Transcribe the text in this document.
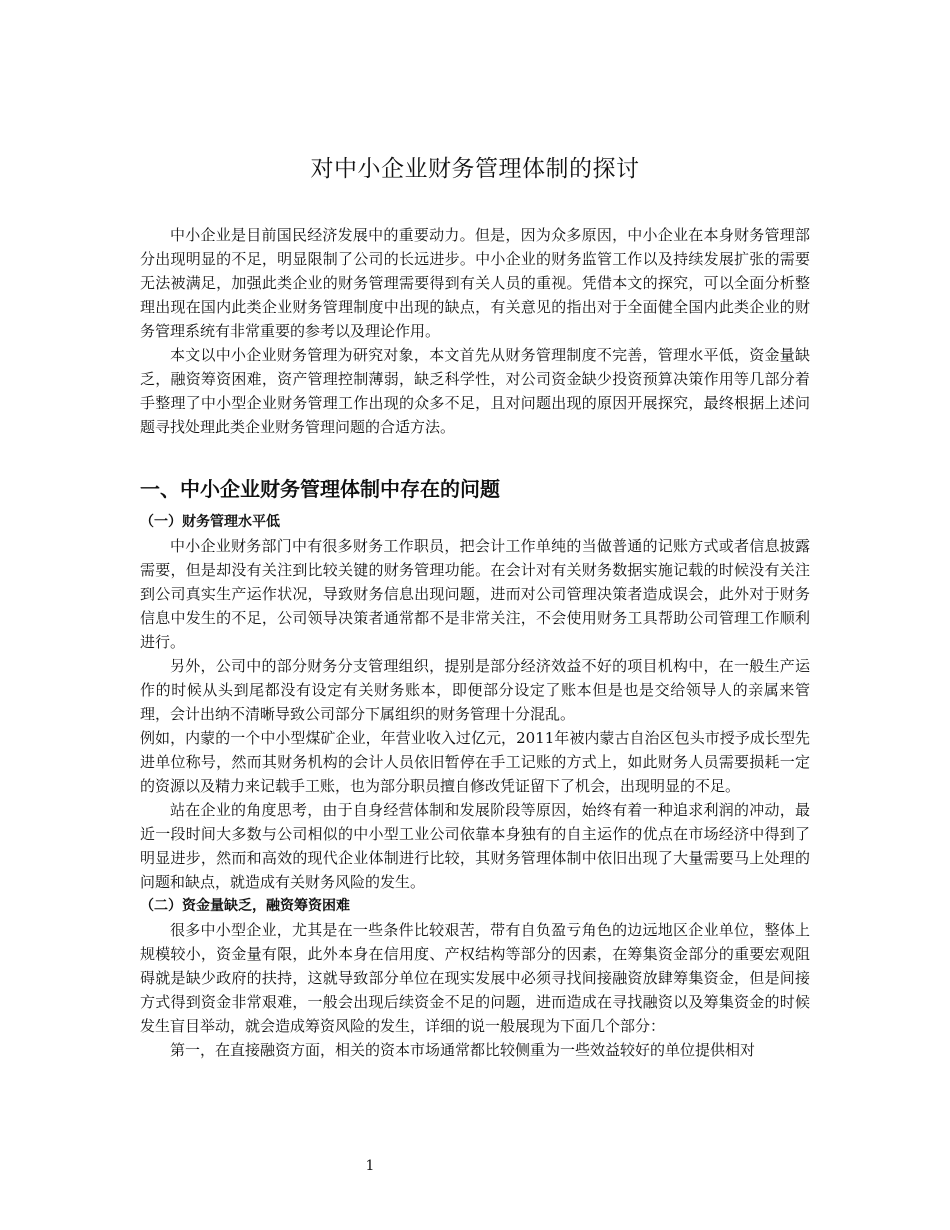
对中小企业财务管理体制的探讨

中小企业是目前国民经济发展中的重要动力。但是，因为众多原因，中小企业在本身财务管理部分出现明显的不足，明显限制了公司的长远进步。中小企业的财务监管工作以及持续发展扩张的需要无法被满足，加强此类企业的财务管理需要得到有关人员的重视。凭借本文的探究，可以全面分析整理出现在国内此类企业财务管理制度中出现的缺点，有关意见的指出对于全面健全国内此类企业的财务管理系统有非常重要的参考以及理论作用。

本文以中小企业财务管理为研究对象，本文首先从财务管理制度不完善，管理水平低，资金量缺乏，融资筹资困难，资产管理控制薄弱，缺乏科学性，对公司资金缺少投资预算决策作用等几部分着手整理了中小型企业财务管理工作出现的众多不足，且对问题出现的原因开展探究，最终根据上述问题寻找处理此类企业财务管理问题的合适方法。

一、中小企业财务管理体制中存在的问题
（一）财务管理水平低

中小企业财务部门中有很多财务工作职员，把会计工作单纯的当做普通的记账方式或者信息披露需要，但是却没有关注到比较关键的财务管理功能。在会计对有关财务数据实施记载的时候没有关注到公司真实生产运作状况，导致财务信息出现问题，进而对公司管理决策者造成误会，此外对于财务信息中发生的不足，公司领导决策者通常都不是非常关注，不会使用财务工具帮助公司管理工作顺利进行。

另外，公司中的部分财务分支管理组织，提别是部分经济效益不好的项目机构中，在一般生产运作的时候从头到尾都没有设定有关财务账本，即便部分设定了账本但是也是交给领导人的亲属来管理，会计出纳不清晰导致公司部分下属组织的财务管理十分混乱。

例如，内蒙的一个中小型煤矿企业，年营业收入过亿元，2011年被内蒙古自治区包头市授予成长型先进单位称号，然而其财务机构的会计人员依旧暂停在手工记账的方式上，如此财务人员需要损耗一定的资源以及精力来记载手工账，也为部分职员擅自修改凭证留下了机会，出现明显的不足。

站在企业的角度思考，由于自身经营体制和发展阶段等原因，始终有着一种追求利润的冲动，最近一段时间大多数与公司相似的中小型工业公司依靠本身独有的自主运作的优点在市场经济中得到了明显进步，然而和高效的现代企业体制进行比较，其财务管理体制中依旧出现了大量需要马上处理的问题和缺点，就造成有关财务风险的发生。

（二）资金量缺乏，融资筹资困难

很多中小型企业，尤其是在一些条件比较艰苦，带有自负盈亏角色的边远地区企业单位，整体上规模较小，资金量有限，此外本身在信用度、产权结构等部分的因素，在筹集资金部分的重要宏观阻碍就是缺少政府的扶持，这就导致部分单位在现实发展中必须寻找间接融资放肆筹集资金，但是间接方式得到资金非常艰难，一般会出现后续资金不足的问题，进而造成在寻找融资以及筹集资金的时候发生盲目举动，就会造成筹资风险的发生，详细的说一般展现为下面几个部分：

第一，在直接融资方面，相关的资本市场通常都比较侧重为一些效益较好的单位提供相对

1
